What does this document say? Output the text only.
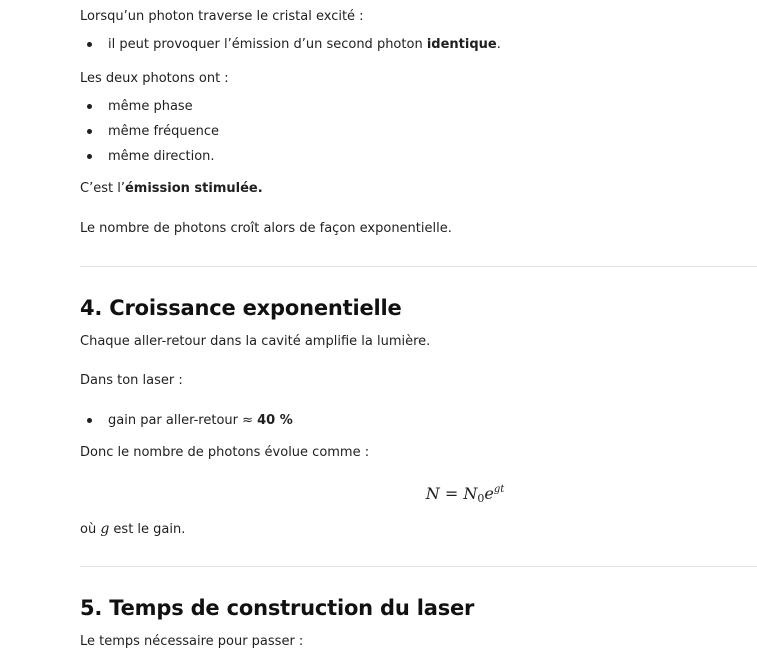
Lorsqu’un photon traverse le cristal excité :
il peut provoquer l’émission d’un second photon identique.
Les deux photons ont :
même phase
même fréquence
même direction.
C’est l’émission stimulée.
Le nombre de photons croît alors de façon exponentielle.
4. Croissance exponentielle
Chaque aller-retour dans la cavité amplifie la lumière.
Dans ton laser :
gain par aller-retour ≈ 40 %
Donc le nombre de photons évolue comme :
$N = N_0e^{gt}$
où g est le gain.
5. Temps de construction du laser
Le temps nécessaire pour passer :
